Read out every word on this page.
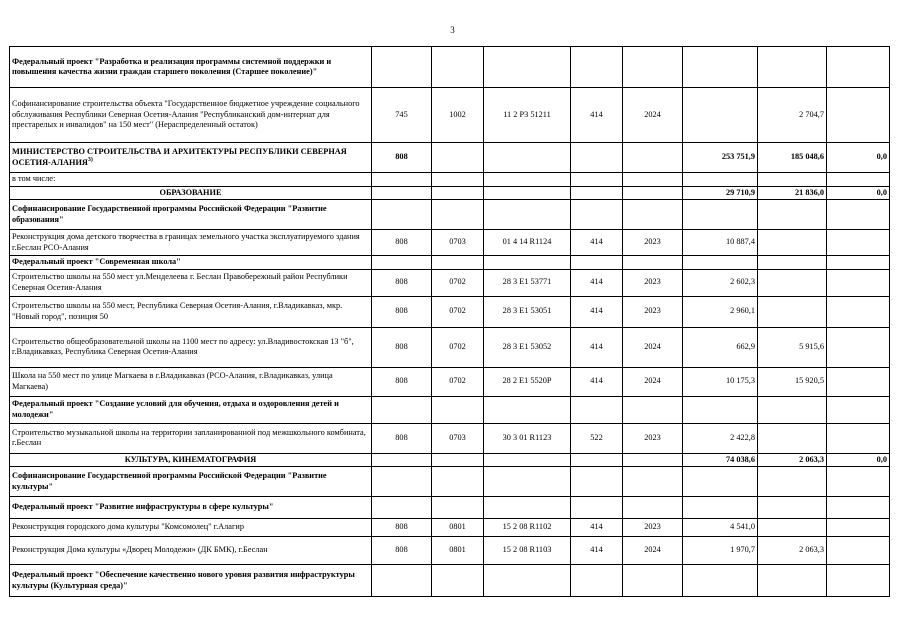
3
Федеральный проект "Разработка и реализация программы системной поддержки и повышения качества жизни граждан старшего поколения (Старшее поколение)"								
Софинансирование строительства объекта "Государственное бюджетное учреждение социального обслуживания Республики Северная Осетия-Алания "Республиканский дом-интернат для престарелых и инвалидов" на 150 мест" (Нераспределенный остаток)	745	1002	11 2 P3 51211	414	2024		2 704,7	
МИНИСТЕРСТВО СТРОИТЕЛЬСТВА И АРХИТЕКТУРЫ РЕСПУБЛИКИ СЕВЕРНАЯ ОСЕТИЯ-АЛАНИЯ$^{3)}$	808					253 751,9	185 048,6	0,0
в том числе:								
ОБРАЗОВАНИЕ						29 710,9	21 836,0	0,0
Софинансирование Государственной программы Российской Федерации "Развитие образования"								
Реконструкция дома детского творчества в границах земельного участка эксплуатируемого здания г.Беслан РСО-Алания	808	0703	01 4 14 R1124	414	2023	10 887,4		
Федеральный проект "Современная школа"								
Строительство школы на 550 мест ул.Менделеева г. Беслан Правобережный район Республики Северная Осетия-Алания	808	0702	28 3 E1 53771	414	2023	2 602,3		
Строительство школы на 550 мест, Республика Северная Осетия-Алания, г.Владикавказ, мкр. "Новый город", позиция 50	808	0702	28 3 E1 53051	414	2023	2 960,1		
Строительство общеобразовательной школы на 1100 мест по адресу: ул.Владивостокская 13 "б", г.Владикавказ, Республика Северная Осетия-Алания	808	0702	28 3 E1 53052	414	2024	662,9	5 915,6	
Школа на 550 мест по улице Магкаева в г.Владикавказ (РСО-Алания, г.Владикавказ, улица Магкаева)	808	0702	28 2 E1 5520P	414	2024	10 175,3	15 920,5	
Федеральный проект "Создание условий для обучения, отдыха и оздоровления детей и молодежи"								
Строительство музыкальной школы на территории запланированной под межшкольного комбината, г.Беслан	808	0703	30 3 01 R1123	522	2023	2 422,8		
КУЛЬТУРА, КИНЕМАТОГРАФИЯ						74 038,6	2 063,3	0,0
Софинансирование Государственной программы Российской Федерации "Развитие культуры"								
Федеральный проект "Развитие инфраструктуры в сфере культуры"								
Реконструкция городского дома культуры "Комсомолец" г.Алагир	808	0801	15 2 08 R1102	414	2023	4 541,0		
Реконструкция Дома культуры «Дворец Молодежи» (ДК БМК), г.Беслан	808	0801	15 2 08 R1103	414	2024	1 970,7	2 063,3	
Федеральный проект "Обеспечение качественно нового уровня развития инфраструктуры культуры (Культурная среда)"								
